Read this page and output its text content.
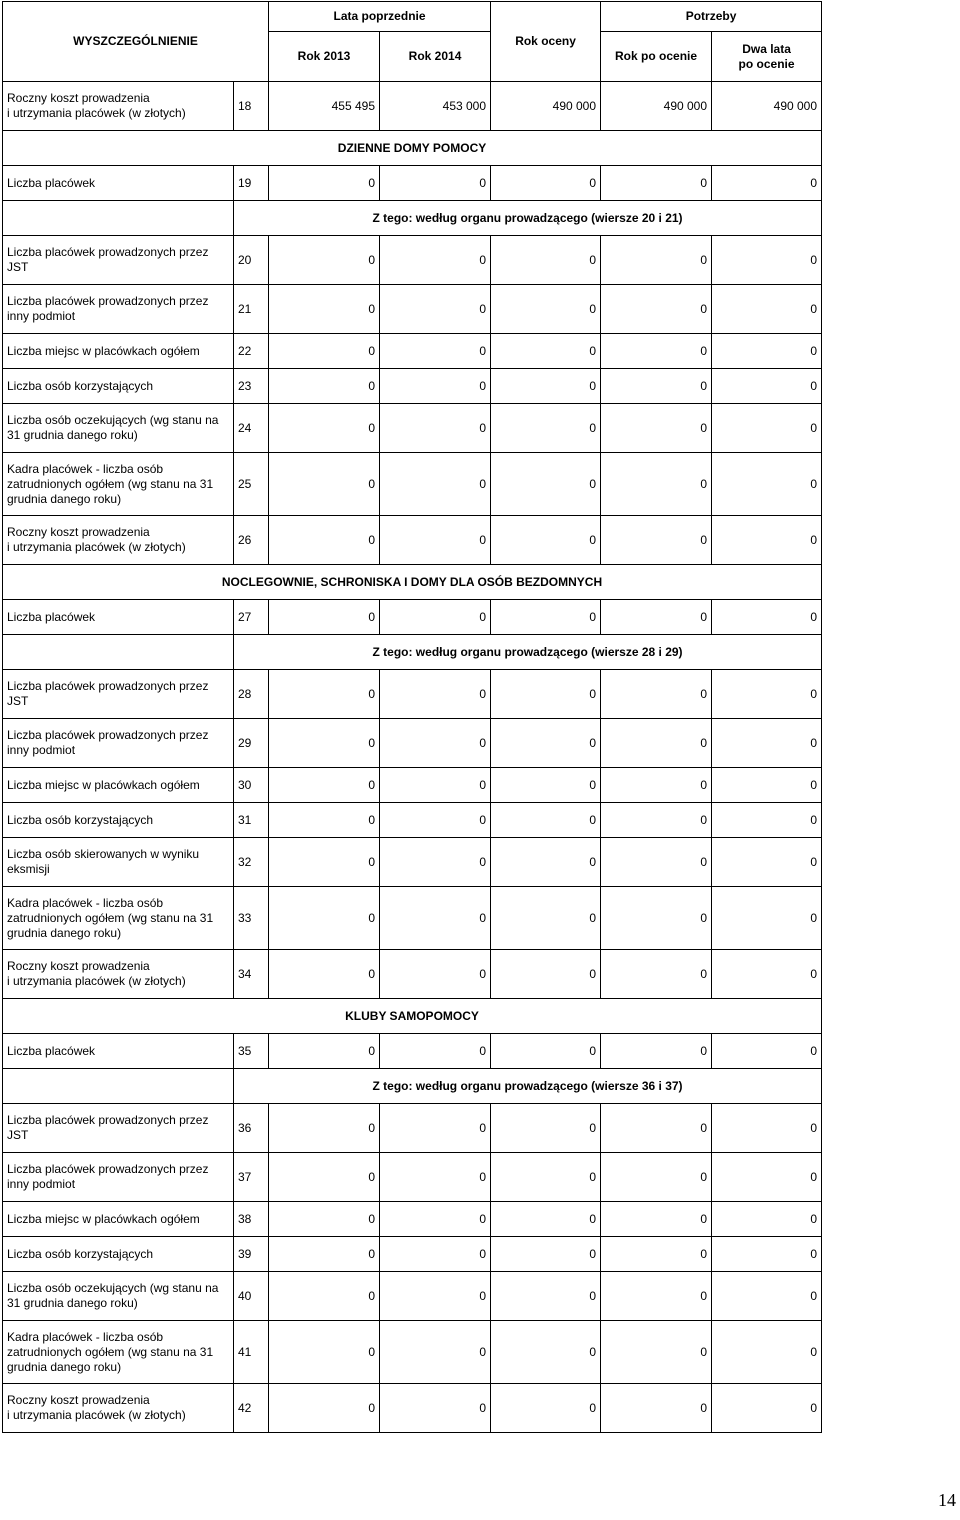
WYSZCZEGÓLNIENIE		Lata poprzednie		Rok oceny	Potrzeby	
		Rok 2013	Rok 2014		Rok po ocenie	Dwa lata
po ocenie
Roczny koszt prowadzenia
i utrzymania placówek (w złotych)	18	455 495	453 000	490 000	490 000	490 000
DZIENNE DOMY POMOCY						
Liczba placówek	19	0	0	0	0	0
	Z tego: według organu prowadzącego (wiersze 20 i 21)					
Liczba placówek prowadzonych przez
JST	20	0	0	0	0	0
Liczba placówek prowadzonych przez
inny podmiot	21	0	0	0	0	0
Liczba miejsc w placówkach ogółem	22	0	0	0	0	0
Liczba osób korzystających	23	0	0	0	0	0
Liczba osób oczekujących (wg stanu na
31 grudnia danego roku)	24	0	0	0	0	0
Kadra placówek - liczba osób
zatrudnionych ogółem (wg stanu na 31
grudnia danego roku)	25	0	0	0	0	0
Roczny koszt prowadzenia
i utrzymania placówek (w złotych)	26	0	0	0	0	0
NOCLEGOWNIE, SCHRONISKA I DOMY DLA OSÓB BEZDOMNYCH						
Liczba placówek	27	0	0	0	0	0
	Z tego: według organu prowadzącego (wiersze 28 i 29)					
Liczba placówek prowadzonych przez
JST	28	0	0	0	0	0
Liczba placówek prowadzonych przez
inny podmiot	29	0	0	0	0	0
Liczba miejsc w placówkach ogółem	30	0	0	0	0	0
Liczba osób korzystających	31	0	0	0	0	0
Liczba osób skierowanych w wyniku
eksmisji	32	0	0	0	0	0
Kadra placówek - liczba osób
zatrudnionych ogółem (wg stanu na 31
grudnia danego roku)	33	0	0	0	0	0
Roczny koszt prowadzenia
i utrzymania placówek (w złotych)	34	0	0	0	0	0
KLUBY SAMOPOMOCY						
Liczba placówek	35	0	0	0	0	0
	Z tego: według organu prowadzącego (wiersze 36 i 37)					
Liczba placówek prowadzonych przez
JST	36	0	0	0	0	0
Liczba placówek prowadzonych przez
inny podmiot	37	0	0	0	0	0
Liczba miejsc w placówkach ogółem	38	0	0	0	0	0
Liczba osób korzystających	39	0	0	0	0	0
Liczba osób oczekujących (wg stanu na
31 grudnia danego roku)	40	0	0	0	0	0
Kadra placówek - liczba osób
zatrudnionych ogółem (wg stanu na 31
grudnia danego roku)	41	0	0	0	0	0
Roczny koszt prowadzenia
i utrzymania placówek (w złotych)	42	0	0	0	0	0
14
